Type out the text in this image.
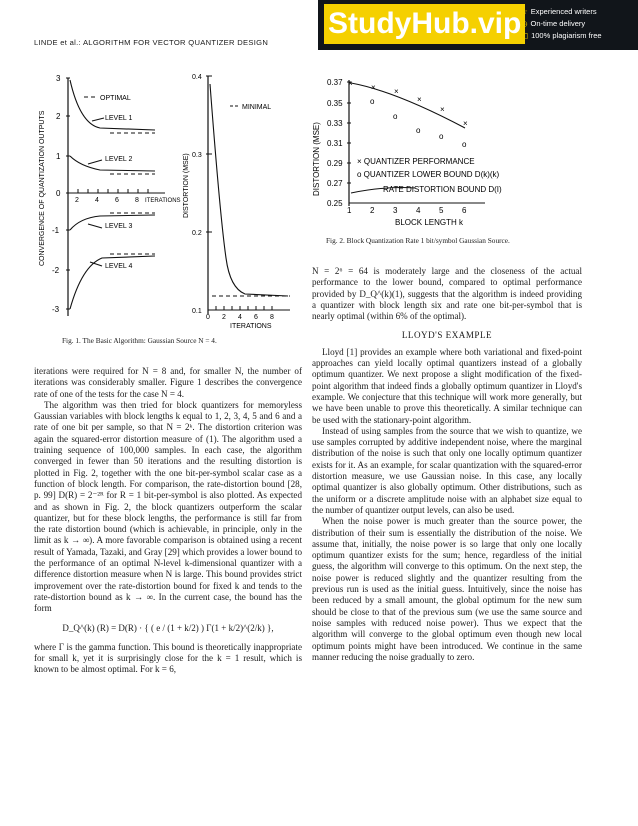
LINDE et al.: ALGORITHM FOR VECTOR QUANTIZER DESIGN
StudyHub.vip ☆ Experienced writers
◷ On-time delivery
◫ 100% plagiarism free
CONVERGENCE OF QUANTIZATION OUTPUTS
3
2
1
0
-1
-2
-3
2 4 6 8 ITERATIONS
OPTIMAL
LEVEL 1
LEVEL 2
LEVEL 3
LEVEL 4
DISTORTION (MSE)
0.4
0.3
0.2
0.1
0 2 4 6 8
ITERATIONS
MINIMAL
Fig. 1. The Basic Algorithm: Gaussian Source N = 4.
DISTORTION (MSE)
0.37
0.35
0.33
0.31
0.29
0.27
0.25
1 2 3 4 5 6
BLOCK LENGTH k
× × ×
×
×
×
o
o
o
o
o
× QUANTIZER PERFORMANCE
o QUANTIZER LOWER BOUND D(k)(k)
RATE DISTORTION BOUND D(I)
Fig. 2. Block Quantization Rate 1 bit/symbol Gaussian Source.

iterations were required for N = 8 and, for smaller N, the number of iterations was considerably smaller. Figure 1 describes the convergence rate of one of the tests for the case N = 4.

The algorithm was then tried for block quantizers for memoryless Gaussian variables with block lengths k equal to 1, 2, 3, 4, 5 and 6 and a rate of one bit per sample, so that N = 2ᵏ. The distortion criterion was again the squared-error distortion measure of (1). The algorithm used a training sequence of 100,000 samples. In each case, the algorithm converged in fewer than 50 iterations and the resulting distortion is plotted in Fig. 2, together with the one bit-per-symbol scalar case as a function of block length. For comparison, the rate-distortion bound [28, p. 99] D(R) = 2⁻²ᴿ for R = 1 bit-per-symbol is also plotted. As expected and as shown in Fig. 2, the block quantizers outperform the scalar quantizer, but for these block lengths, the performance is still far from the rate distortion bound (which is achievable, in principle, only in the limit as k → ∞). A more favorable comparison is obtained using a recent result of Yamada, Tazaki, and Gray [29] which provides a lower bound to the performance of an optimal N-level k-dimensional quantizer with a difference distortion measure when N is large. This bound provides strict improvement over the rate-distortion bound for fixed k and tends to the rate-distortion bound as k → ∞. In the current case, the bound has the form

D_Q^(k) (R) = D(R) · { ( e / (1 + k/2) ) Γ(1 + k/2)^(2/k) },

where Γ is the gamma function. This bound is theoretically inappropriate for small k, yet it is surprisingly close for the k = 1 result, which is known to be almost optimal. For k = 6,

N = 2⁶ = 64 is moderately large and the closeness of the actual performance to the lower bound, compared to optimal performance provided by D_Q^(k)(1), suggests that the algorithm is indeed providing a quantizer with block length six and rate one bit-per-symbol that is nearly optimal (within 6% of the optimal).

LLOYD'S EXAMPLE

Lloyd [1] provides an example where both variational and fixed-point approaches can yield locally optimal quantizers instead of a globally optimum quantizer. We next propose a slight modification of the fixed-point algorithm that indeed finds a globally optimum quantizer in Lloyd's example. We conjecture that this technique will work more generally, but we have been unable to prove this theoretically. A similar technique can be used with the stationary-point algorithm.

Instead of using samples from the source that we wish to quantize, we use samples corrupted by additive independent noise, where the marginal distribution of the noise is such that only one locally optimum quantizer exists for it. As an example, for scalar quantization with the squared-error distortion measure, we use Gaussian noise. In this case, any locally optimal quantizer is also globally optimum. Other distributions, such as the uniform or a discrete amplitude noise with an alphabet size equal to the number of quantizer output levels, can also be used.

When the noise power is much greater than the source power, the distribution of their sum is essentially the distribution of the noise. We assume that, initially, the noise power is so large that only one locally optimum quantizer exists for the sum; hence, regardless of the initial guess, the algorithm will converge to this optimum. On the next step, the noise power is reduced slightly and the quantizer resulting from the previous run is used as the initial guess. Intuitively, since the noise has been reduced by a small amount, the global optimum for the new sum should be close to that of the previous sum (we use the same source and noise samples with reduced noise power). Thus we expect that the algorithm will converge to the global optimum even though new local optimum points might have been introduced. We continue in the same manner reducing the noise gradually to zero.
